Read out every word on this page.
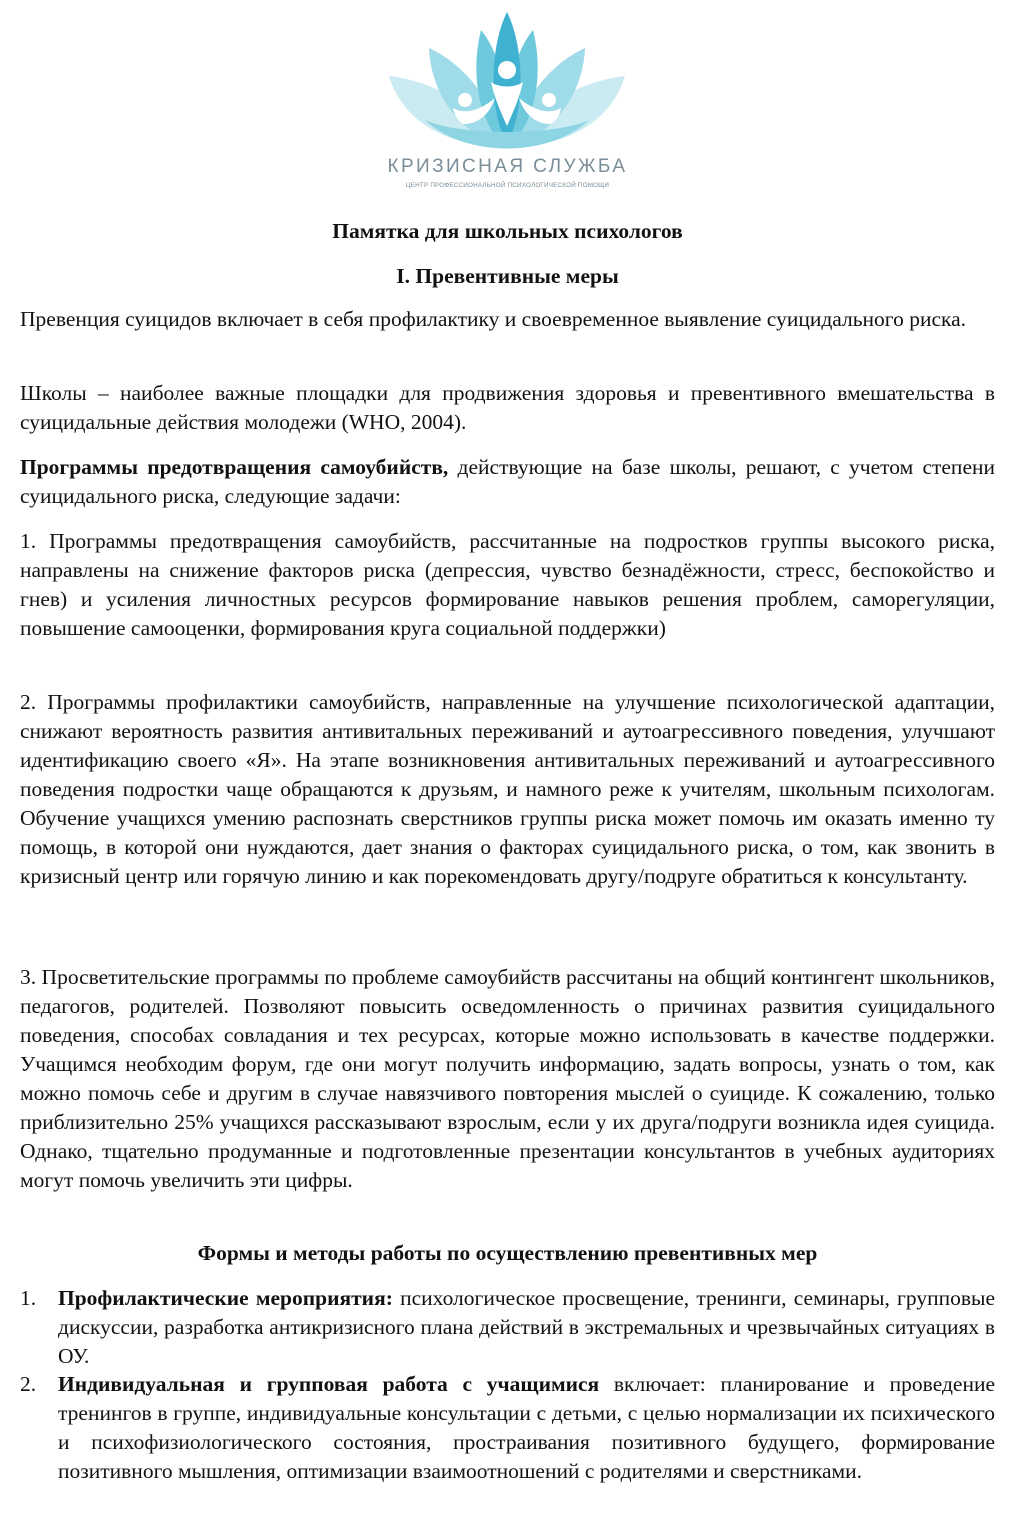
КРИЗИСНАЯ СЛУЖБА
ЦЕНТР ПРОФЕССИОНАЛЬНОЙ ПСИХОЛОГИЧЕСКОЙ ПОМОЩИ
Памятка для школьных психологов
I. Превентивные меры

Превенция суицидов включает в себя профилактику и своевременное выявление суицидального риска.

Школы – наиболее важные площадки для продвижения здоровья и превентивного вмешательства в суицидальные действия молодежи (WHO, 2004).

Программы предотвращения самоубийств, действующие на базе школы, решают, с учетом степени суицидального риска, следующие задачи:

1. Программы предотвращения самоубийств, рассчитанные на подростков группы высокого риска, направлены на снижение факторов риска (депрессия, чувство безнадёжности, стресс, беспокойство и гнев) и усиления личностных ресурсов формирование навыков решения проблем, саморегуляции, повышение самооценки, формирования круга социальной поддержки)

2. Программы профилактики самоубийств, направленные на улучшение психологической адаптации, снижают вероятность развития антивитальных переживаний и аутоагрессивного поведения, улучшают идентификацию своего «Я». На этапе возникновения антивитальных переживаний и аутоагрессивного поведения подростки чаще обращаются к друзьям, и намного реже к учителям, школьным психологам. Обучение учащихся умению распознать сверстников группы риска может помочь им оказать именно ту помощь, в которой они нуждаются, дает знания о факторах суицидального риска, о том, как звонить в кризисный центр или горячую линию и как порекомендовать другу/подруге обратиться к консультанту.

3. Просветительские программы по проблеме самоубийств рассчитаны на общий контингент школьников, педагогов, родителей. Позволяют повысить осведомленность о причинах развития суицидального поведения, способах совладания и тех ресурсах, которые можно использовать в качестве поддержки. Учащимся необходим форум, где они могут получить информацию, задать вопросы, узнать о том, как можно помочь себе и другим в случае навязчивого повторения мыслей о суициде. К сожалению, только приблизительно 25% учащихся рассказывают взрослым, если у их друга/подруги возникла идея суицида. Однако, тщательно продуманные и подготовленные презентации консультантов в учебных аудиториях могут помочь увеличить эти цифры.

Формы и методы работы по осуществлению превентивных мер
1. Профилактические мероприятия: психологическое просвещение, тренинги, семинары, групповые дискуссии, разработка антикризисного плана действий в экстремальных и чрезвычайных ситуациях в ОУ.
2. Индивидуальная и групповая работа с учащимися включает: планирование и проведение тренингов в группе, индивидуальные консультации с детьми, с целью нормализации их психического и психофизиологического состояния, простраивания позитивного будущего, формирование позитивного мышления, оптимизации взаимоотношений с родителями и сверстниками.
